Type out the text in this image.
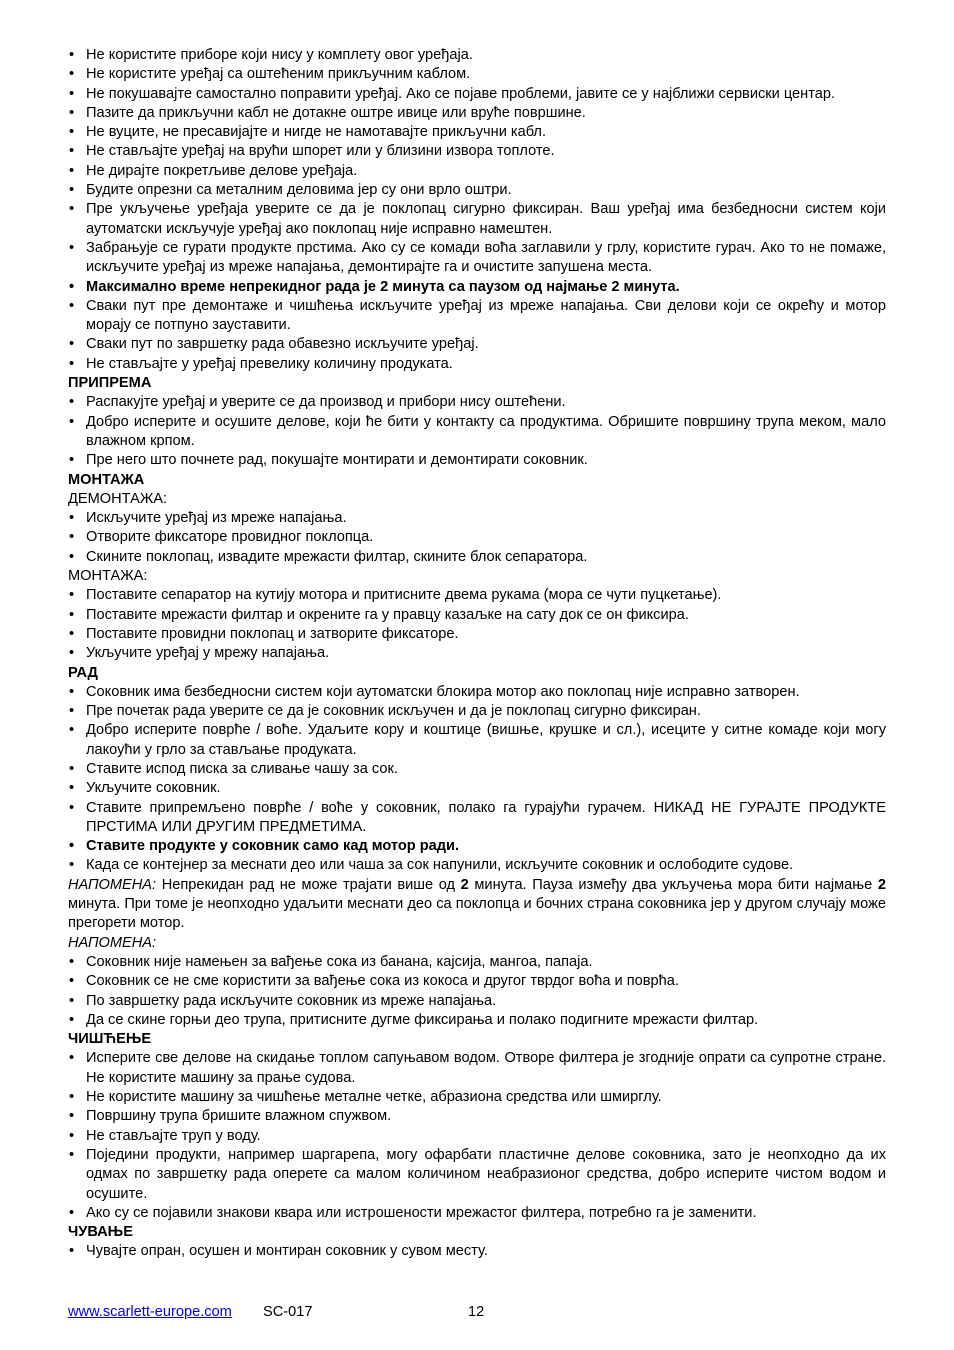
• Не користите приборе који нису у комплету овог уређаја.
• Не користите уређај са оштећеним прикључним каблом.
• Не покушавајте самостално поправити уређај. Ако се појаве проблеми, јавите се у најближи сервиски центар.
• Пазите да прикључни кабл не дотакне оштре ивице или вруће површине.
• Не вуците, не пресавијајте и нигде не намотавајте прикључни кабл.
• Не стављајте уређај на врући шпорет или у близини извора топлоте.
• Не дирајте покретљиве делове уређаја.
• Будите опрезни са металним деловима јер су они врло оштри.
• Пре укључење уређаја уверите се да је поклопац сигурно фиксиран. Ваш уређај има безбедносни систем који аутоматски искључује уређај ако поклопац није исправно намештен.
• Забрањује се гурати продукте прстима. Ако су се комади воћа заглавили у грлу, користите гурач. Ако то не помаже, искључите уређај из мреже напајања, демонтирајте га и очистите запушена места.
• Максимално време непрекидног рада је 2 минута са паузом од најмање 2 минута.
• Сваки пут пре демонтаже и чишћења искључите уређај из мреже напајања. Сви делови који се окрећу и мотор морају се потпуно зауставити.
• Сваки пут по завршетку рада обавезно искључите уређај.
• Не стављајте у уређај превелику количину продуката.
ПРИПРЕМА
• Распакујте уређај и уверите се да производ и прибори нису оштећени.
• Добро исперите и осушите делове, који ће бити у контакту са продуктима. Обришите површину трупа меком, мало влажном крпом.
• Пре него што почнете рад, покушајте монтирати и демонтирати соковник.
МОНТАЖА
ДЕМОНТАЖА:
• Искључите уређај из мреже напајања.
• Отворите фиксаторе провидног поклопца.
• Скините поклопац, извадите мрежасти филтар, скините блок сепаратора.
МОНТАЖА:
• Поставите сепаратор на кутију мотора и притисните двема рукама (мора се чути пуцкетање).
• Поставите мрежасти филтар и окрените га у правцу казаљке на сату док се он фиксира.
• Поставите провидни поклопац и затворите фиксаторе.
• Укључите уређај у мрежу напајања.
РАД
• Соковник има безбедносни систем који аутоматски блокира мотор ако поклопац није исправно затворен.
• Пре почетак рада уверите се да је соковник искључен и да је поклопац сигурно фиксиран.
• Добро исперите поврће / воће. Удаљите кору и коштице (вишње, крушке и сл.), исеците у ситне комаде који могу лакоући у грло за стављање продуката.
• Ставите испод писка за сливање чашу за сок.
• Укључите соковник.
• Ставите припремљено поврће / воће у соковник, полако га гурајући гурачем. НИКАД НЕ ГУРАЈТЕ ПРОДУКТЕ ПРСТИМА ИЛИ ДРУГИМ ПРЕДМЕТИМА.
• Ставите продукте у соковник само кад мотор ради.
• Када се контејнер за меснати део или чаша за сок напунили, искључите соковник и ослободите судове.
НАПОМЕНА: Непрекидан рад не може трајати више од 2 минута. Пауза између два укључења мора бити најмање 2 минута. При томе је неопходно удаљити меснати део са поклопца и бочних страна соковника јер у другом случају може прегорети мотор.
НАПОМЕНА:
• Соковник није намењен за вађење сока из банана, кајсија, мангоа, папаја.
• Соковник се не сме користити за вађење сока из кокоса и другог тврдог воћа и поврћа.
• По завршетку рада искључите соковник из мреже напајања.
• Да се скине горњи део трупа, притисните дугме фиксирања и полако подигните мрежасти филтар.
ЧИШЋЕЊЕ
• Исперите све делове на скидање топлом сапуњавом водом. Отворе филтера је згодније опрати са супротне стране. Не користите машину за прање судова.
• Не користите машину за чишћење металне четке, абразиона средства или шмирглу.
• Површину трупа бришите влажном спужвом.
• Не стављајте труп у воду.
• Поједини продукти, например шаргарепа, могу офарбати пластичне делове соковника, зато је неопходно да их одмах по завршетку рада оперете са малом количином неабразионог средства, добро исперите чистом водом и осушите.
• Ако су се појавили знакови квара или истрошености мрежастог филтера, потребно га је заменити.
ЧУВАЊЕ
• Чувајте опран, осушен и монтиран соковник у сувом месту.
www.scarlett-europe.com SC-017	12
